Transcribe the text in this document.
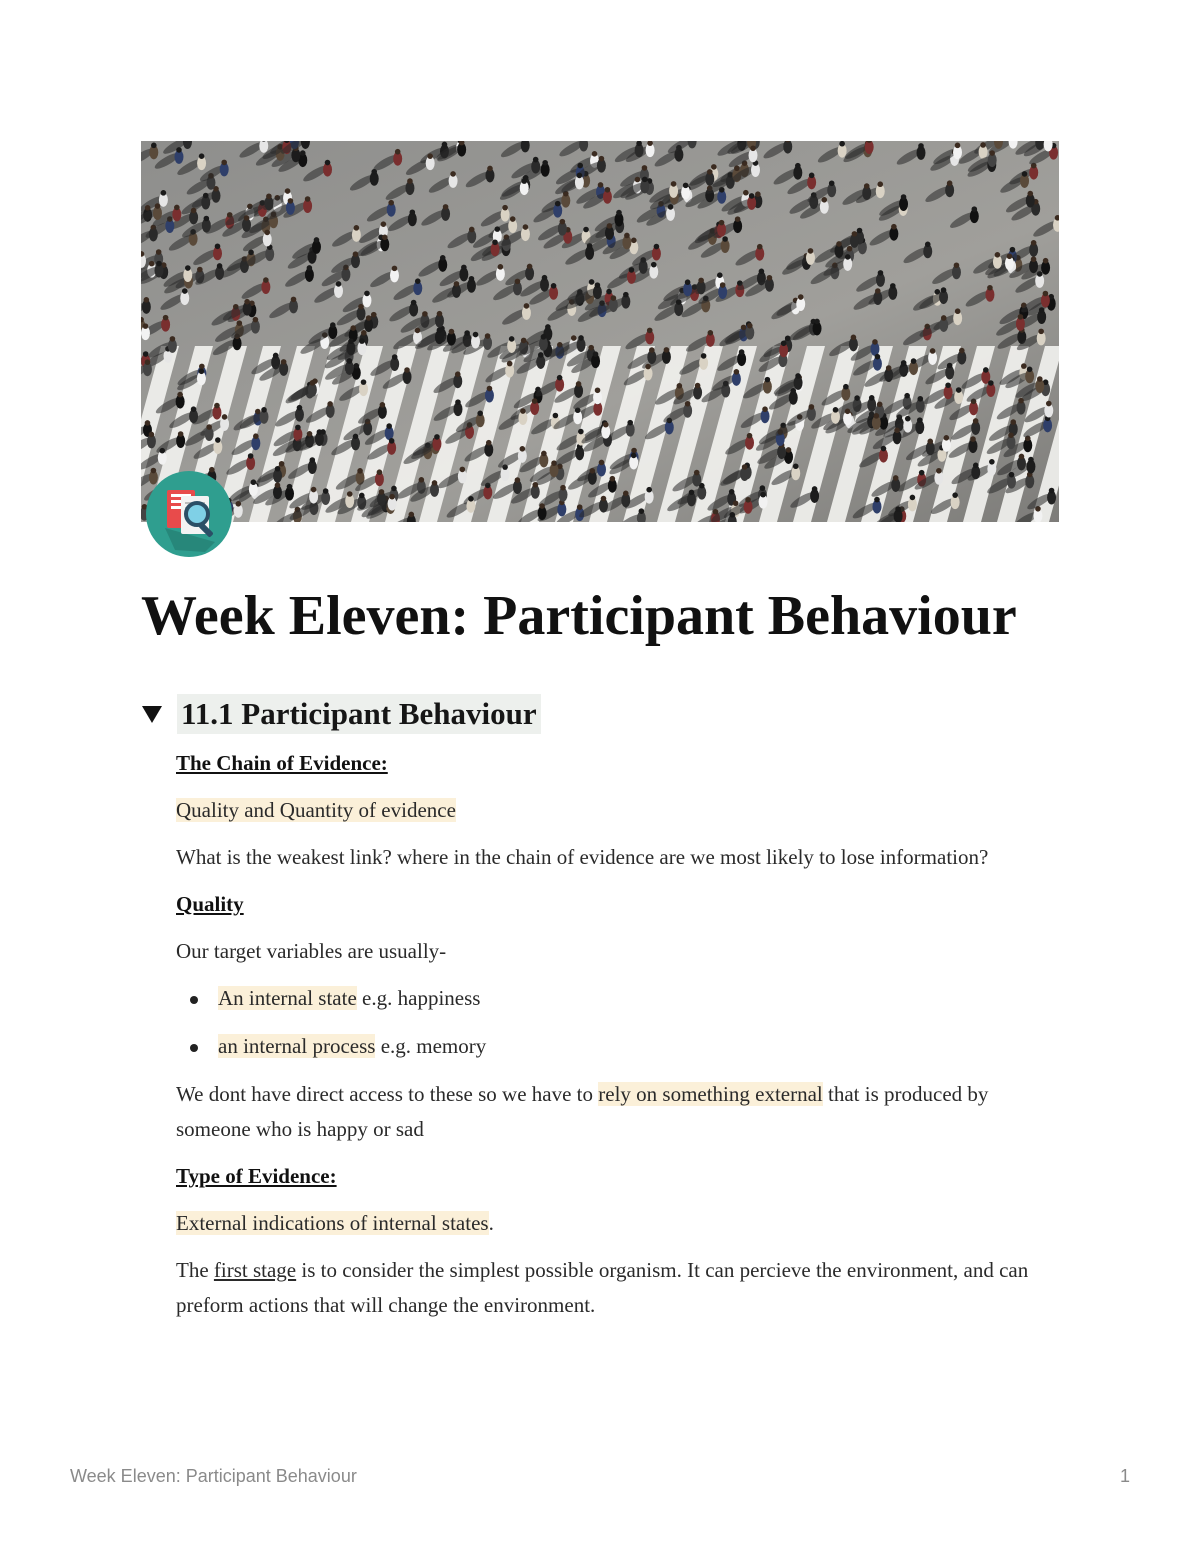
Week Eleven: Participant Behaviour
11.1 Participant Behaviour

The Chain of Evidence:

Quality and Quantity of evidence

What is the weakest link? where in the chain of evidence are we most likely to lose information?

Quality

Our target variables are usually-

An internal state e.g. happiness
an internal process e.g. memory

We dont have direct access to these so we have to rely on something external that is produced by someone who is happy or sad

Type of Evidence:

External indications of internal states.

The first stage is to consider the simplest possible organism. It can percieve the environment, and can preform actions that will change the environment.

Week Eleven: Participant Behaviour	1
